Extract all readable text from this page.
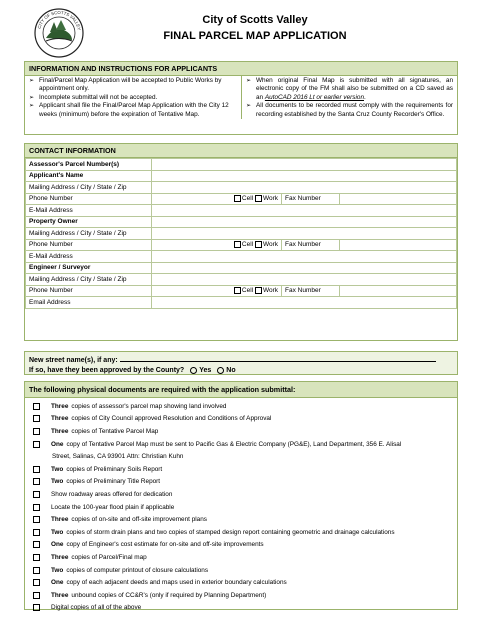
CITY OF SCOTTS VALLEY
City of Scotts Valley
FINAL PARCEL MAP APPLICATION
INFORMATION AND INSTRUCTIONS FOR APPLICANTS
➢ Final/Parcel Map Application will be accepted to Public Works by appointment only.
➢ Incomplete submittal will not be accepted.
➢ Applicant shall file the Final/Parcel Map Application with the City 12 weeks (minimum) before the expiration of Tentative Map.
➢ When original Final Map is submitted with all signatures, an electronic copy of the FM shall also be submitted on a CD saved as an AutoCAD 2016 Lt or earlier version.
➢ All documents to be recorded must comply with the requirements for recording established by the Santa Cruz County Recorder's Office.
CONTACT INFORMATION
Assessor's Parcel Number(s)			
Applicant's Name			
Mailing Address / City / State / Zip			
Phone Number	Cell Work	Fax Number	
E-Mail Address			
Property Owner			
Mailing Address / City / State / Zip			
Phone Number	Cell Work	Fax Number	
E-Mail Address			
Engineer / Surveyor			
Mailing Address / City / State / Zip			
Phone Number	Cell Work	Fax Number	
Email Address			
New street name(s), if any:
If so, have they been approved by the County? Yes No
The following physical documents are required with the application submittal:
Three copies of assessor's parcel map showing land involved
Three copies of City Council approved Resolution and Conditions of Approval
Three copies of Tentative Parcel Map
One copy of Tentative Parcel Map must be sent to Pacific Gas & Electric Company (PG&E), Land Department, 356 E. Alisal
Street, Salinas, CA 93901 Attn: Christian Kuhn
Two copies of Preliminary Soils Report
Two copies of Preliminary Title Report
Show roadway areas offered for dedication
Locate the 100-year flood plain if applicable
Three copies of on-site and off-site improvement plans
Two copies of storm drain plans and two copies of stamped design report containing geometric and drainage calculations
One copy of Engineer's cost estimate for on-site and off-site improvements
Three copies of Parcel/Final map
Two copies of computer printout of closure calculations
One copy of each adjacent deeds and maps used in exterior boundary calculations
Three unbound copies of CC&R's (only if required by Planning Department)
Digital copies of all of the above
